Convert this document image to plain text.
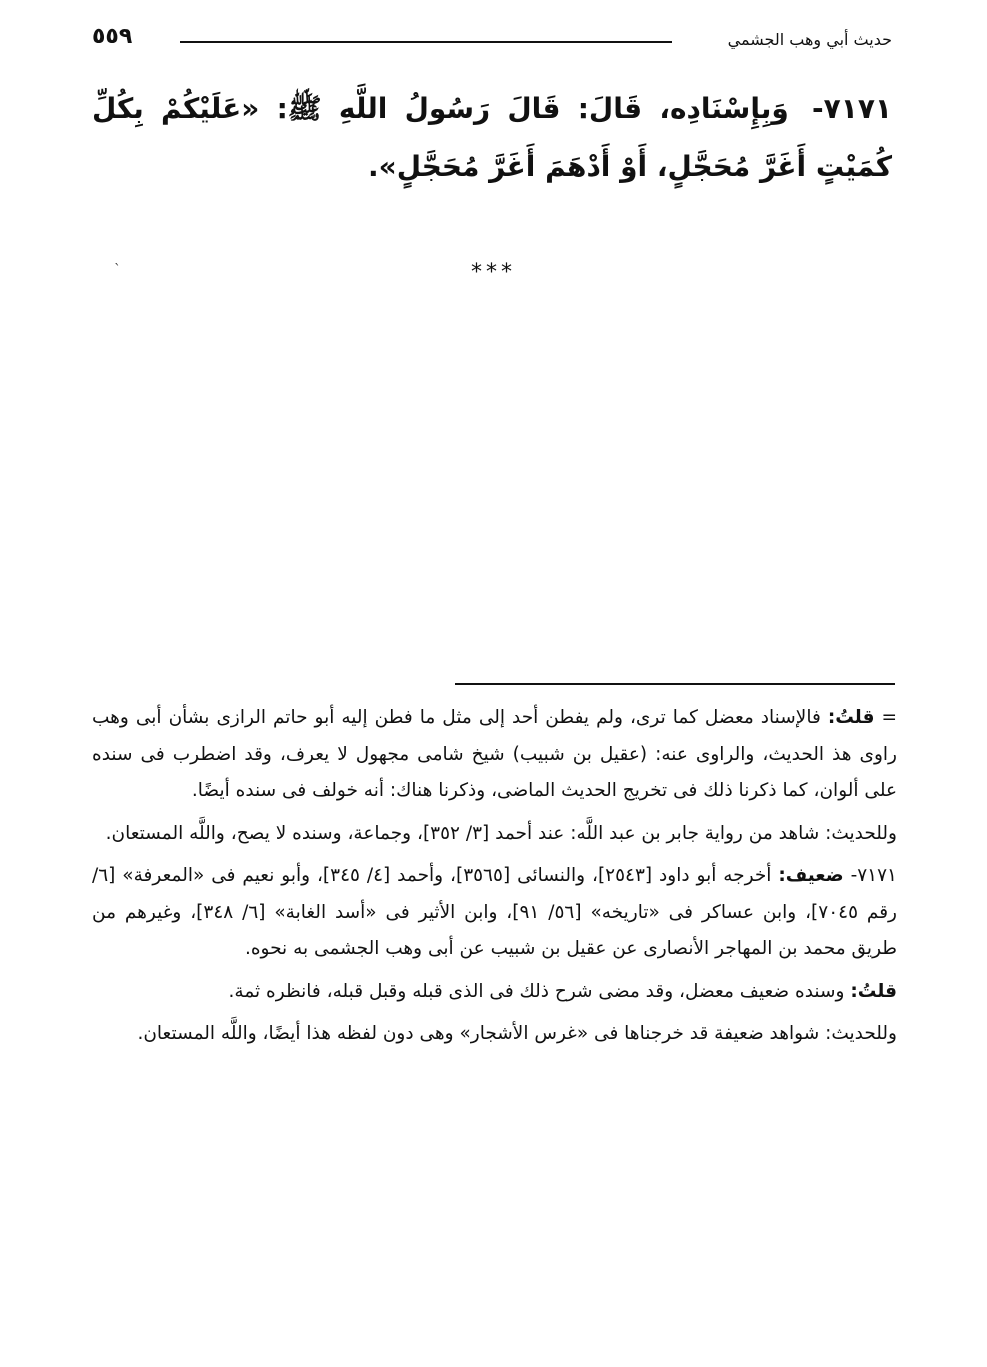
حديث أبي وهب الجشمي
٥٥٩
٧١٧١- وَبِإِسْنَادِه، قَالَ: قَالَ رَسُولُ اللَّهِ ﷺ: «عَلَيْكُمْ بِكُلِّ كُمَيْتٍ أَغَرَّ مُحَجَّلٍ، أَوْ أَدْهَمَ أَغَرَّ مُحَجَّلٍ».
***
`

= قلتُ: فالإسناد معضل كما ترى، ولم يفطن أحد إلى مثل ما فطن إليه أبو حاتم الرازى بشأن أبى وهب راوى هذ الحديث، والراوى عنه: (عقيل بن شبيب) شيخ شامى مجهول لا يعرف، وقد اضطرب فى سنده على ألوان، كما ذكرنا ذلك فى تخريج الحديث الماضى، وذكرنا هناك: أنه خولف فى سنده أيضًا.

وللحديث: شاهد من رواية جابر بن عبد اللَّه: عند أحمد [٣/ ٣٥٢]، وجماعة، وسنده لا يصح، واللَّه المستعان.

٧١٧١- ضعيف: أخرجه أبو داود [٢٥٤٣]، والنسائى [٣٥٦٥]، وأحمد [٤/ ٣٤٥]، وأبو نعيم فى «المعرفة» [٦/ رقم ٧٠٤٥]، وابن عساكر فى «تاريخه» [٥٦/ ٩١]، وابن الأثير فى «أسد الغابة» [٦/ ٣٤٨]، وغيرهم من طريق محمد بن المهاجر الأنصارى عن عقيل بن شبيب عن أبى وهب الجشمى به نحوه.

قلتُ: وسنده ضعيف معضل، وقد مضى شرح ذلك فى الذى قبله وقبل قبله، فانظره ثمة.

وللحديث: شواهد ضعيفة قد خرجناها فى «غرس الأشجار» وهى دون لفظه هذا أيضًا، واللَّه المستعان.
